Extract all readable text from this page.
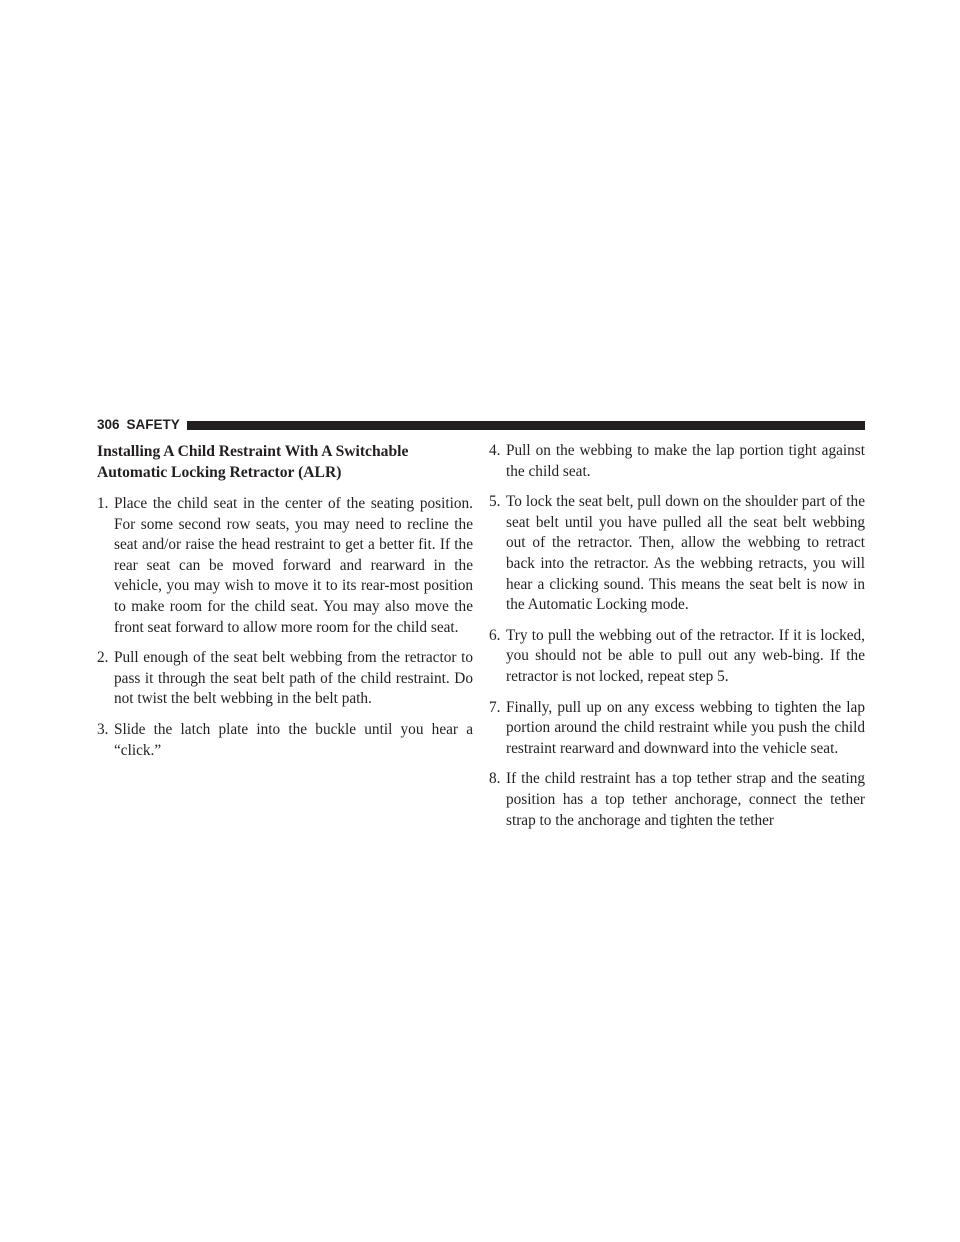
306 SAFETY
Installing A Child Restraint With A Switchable
Automatic Locking Retractor (ALR)
1. Place the child seat in the center of the seating position. For some second row seats, you may need to recline the seat and/or raise the head restraint to get a better fit. If the rear seat can be moved forward and rearward in the vehicle, you may wish to move it to its rear-most position to make room for the child seat. You may also move the front seat forward to allow more room for the child seat.
2. Pull enough of the seat belt webbing from the retractor to pass it through the seat belt path of the child restraint. Do not twist the belt webbing in the belt path.
3. Slide the latch plate into the buckle until you hear a “click.”
4. Pull on the webbing to make the lap portion tight against the child seat.
5. To lock the seat belt, pull down on the shoulder part of the seat belt until you have pulled all the seat belt webbing out of the retractor. Then, allow the webbing to retract back into the retractor. As the webbing retracts, you will hear a clicking sound. This means the seat belt is now in the Automatic Locking mode.
6. Try to pull the webbing out of the retractor. If it is locked, you should not be able to pull out any web-bing. If the retractor is not locked, repeat step 5.
7. Finally, pull up on any excess webbing to tighten the lap portion around the child restraint while you push the child restraint rearward and downward into the vehicle seat.
8. If the child restraint has a top tether strap and the seating position has a top tether anchorage, connect the tether strap to the anchorage and tighten the tether
